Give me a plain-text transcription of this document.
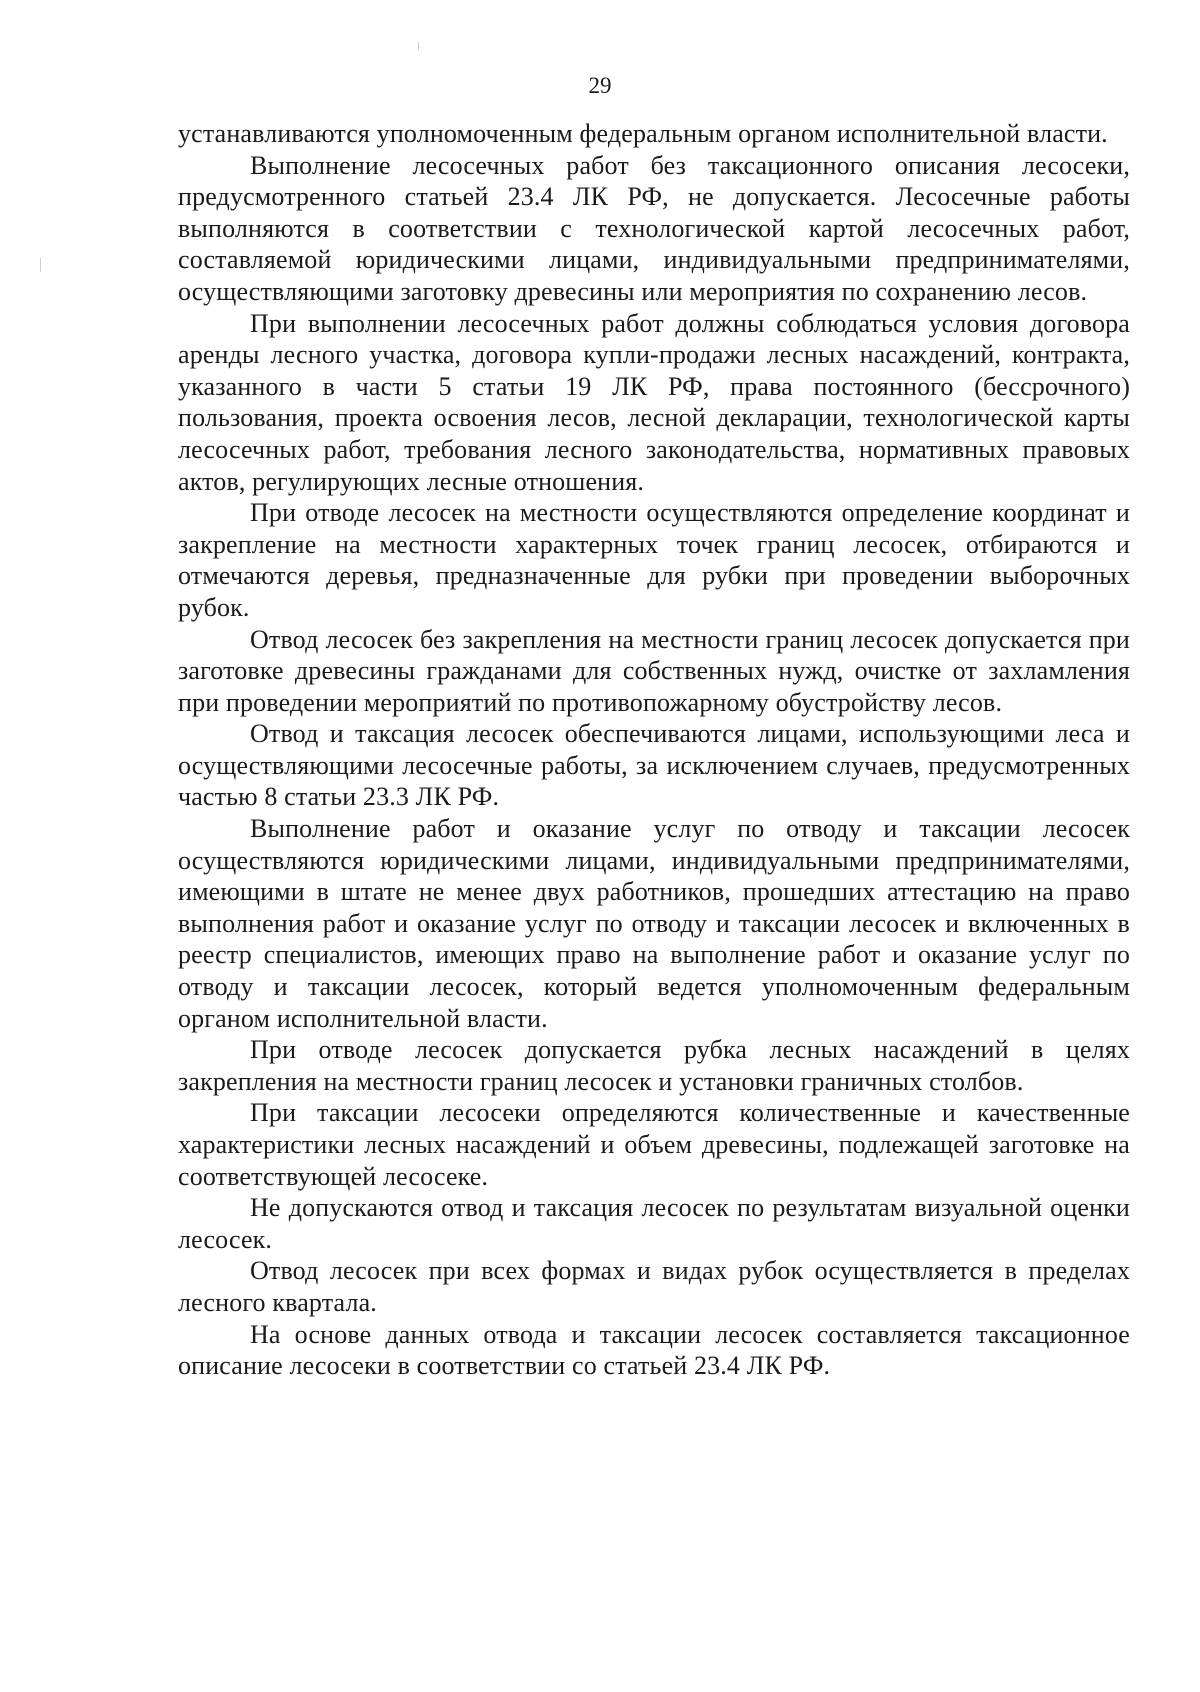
29

устанавливаются уполномоченным федеральным органом исполнительной власти.

Выполнение лесосечных работ без таксационного описания лесосеки, предусмотренного статьей 23.4 ЛК РФ, не допускается. Лесосечные работы выполняются в соответствии с технологической картой лесосечных работ, составляемой юридическими лицами, индивидуальными предпринимателями, осуществляющими заготовку древесины или мероприятия по сохранению лесов.

При выполнении лесосечных работ должны соблюдаться условия договора аренды лесного участка, договора купли-продажи лесных насаждений, контракта, указанного в части 5 статьи 19 ЛК РФ, права постоянного (бессрочного) пользования, проекта освоения лесов, лесной декларации, технологической карты лесосечных работ, требования лесного законодательства, нормативных правовых актов, регулирующих лесные отношения.

При отводе лесосек на местности осуществляются определение координат и закрепление на местности характерных точек границ лесосек, отбираются и отмечаются деревья, предназначенные для рубки при проведении выборочных рубок.

Отвод лесосек без закрепления на местности границ лесосек допускается при заготовке древесины гражданами для собственных нужд, очистке от захламления при проведении мероприятий по противопожарному обустройству лесов.

Отвод и таксация лесосек обеспечиваются лицами, использующими леса и осуществляющими лесосечные работы, за исключением случаев, предусмотренных частью 8 статьи 23.3 ЛК РФ.

Выполнение работ и оказание услуг по отводу и таксации лесосек осуществляются юридическими лицами, индивидуальными предпринимателями, имеющими в штате не менее двух работников, прошедших аттестацию на право выполнения работ и оказание услуг по отводу и таксации лесосек и включенных в реестр специалистов, имеющих право на выполнение работ и оказание услуг по отводу и таксации лесосек, который ведется уполномоченным федеральным органом исполнительной власти.

При отводе лесосек допускается рубка лесных насаждений в целях закрепления на местности границ лесосек и установки граничных столбов.

При таксации лесосеки определяются количественные и качественные характеристики лесных насаждений и объем древесины, подлежащей заготовке на соответствующей лесосеке.

Не допускаются отвод и таксация лесосек по результатам визуальной оценки лесосек.

Отвод лесосек при всех формах и видах рубок осуществляется в пределах лесного квартала.

На основе данных отвода и таксации лесосек составляется таксационное описание лесосеки в соответствии со статьей 23.4 ЛК РФ.
